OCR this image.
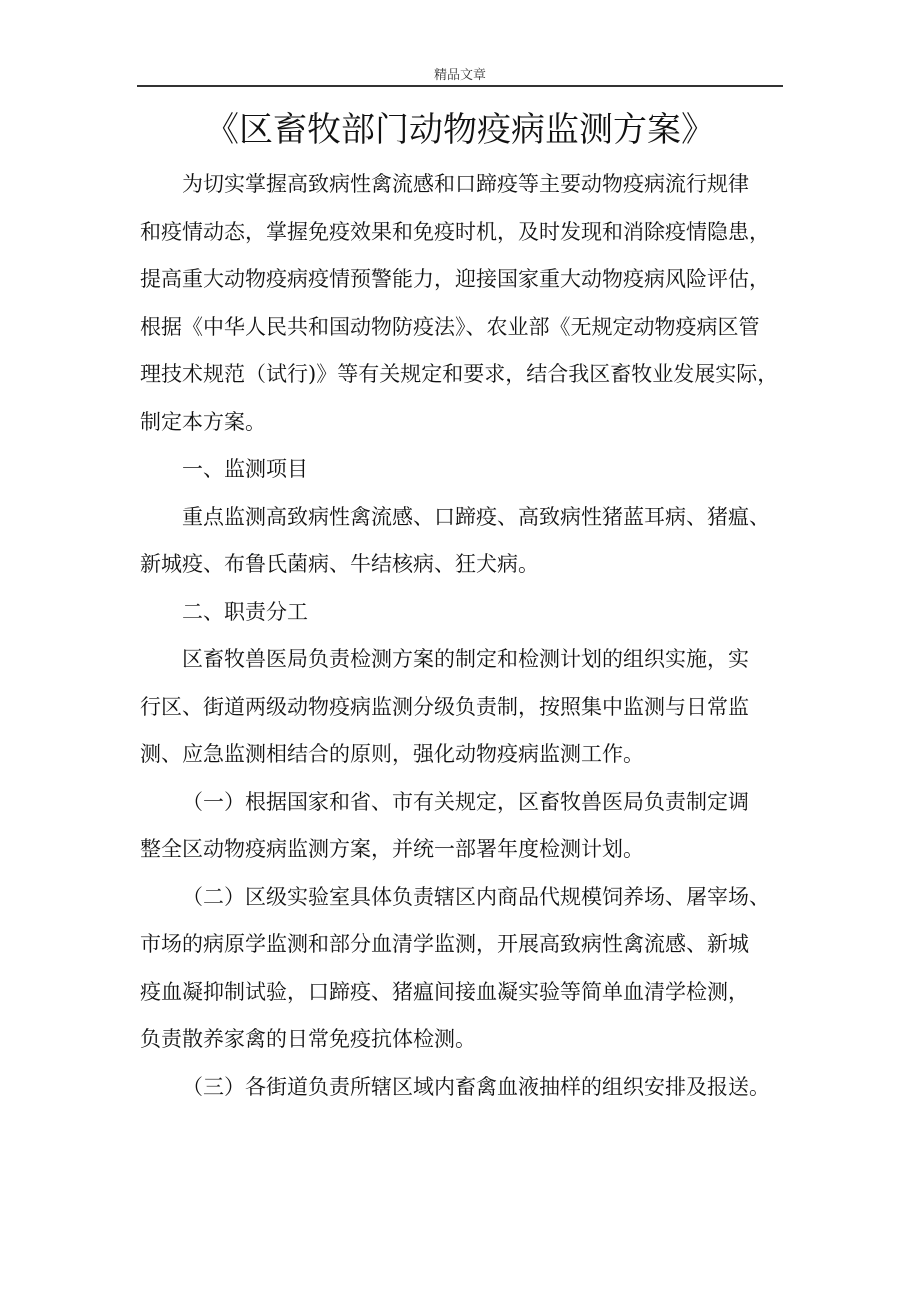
精品文章
《区畜牧部门动物疫病监测方案》
为切实掌握高致病性禽流感和口蹄疫等主要动物疫病流行规律
和疫情动态，掌握免疫效果和免疫时机，及时发现和消除疫情隐患，
提高重大动物疫病疫情预警能力，迎接国家重大动物疫病风险评估，
根据《中华人民共和国动物防疫法》、农业部《无规定动物疫病区管
理技术规范（试行)》等有关规定和要求，结合我区畜牧业发展实际，
制定本方案。
一、监测项目
重点监测高致病性禽流感、口蹄疫、高致病性猪蓝耳病、猪瘟、
新城疫、布鲁氏菌病、牛结核病、狂犬病。
二、职责分工
区畜牧兽医局负责检测方案的制定和检测计划的组织实施，实
行区、街道两级动物疫病监测分级负责制，按照集中监测与日常监
测、应急监测相结合的原则，强化动物疫病监测工作。
（一）根据国家和省、市有关规定，区畜牧兽医局负责制定调
整全区动物疫病监测方案，并统一部署年度检测计划。
（二）区级实验室具体负责辖区内商品代规模饲养场、屠宰场、
市场的病原学监测和部分血清学监测，开展高致病性禽流感、新城
疫血凝抑制试验，口蹄疫、猪瘟间接血凝实验等简单血清学检测，
负责散养家禽的日常免疫抗体检测。
（三）各街道负责所辖区域内畜禽血液抽样的组织安排及报送。
